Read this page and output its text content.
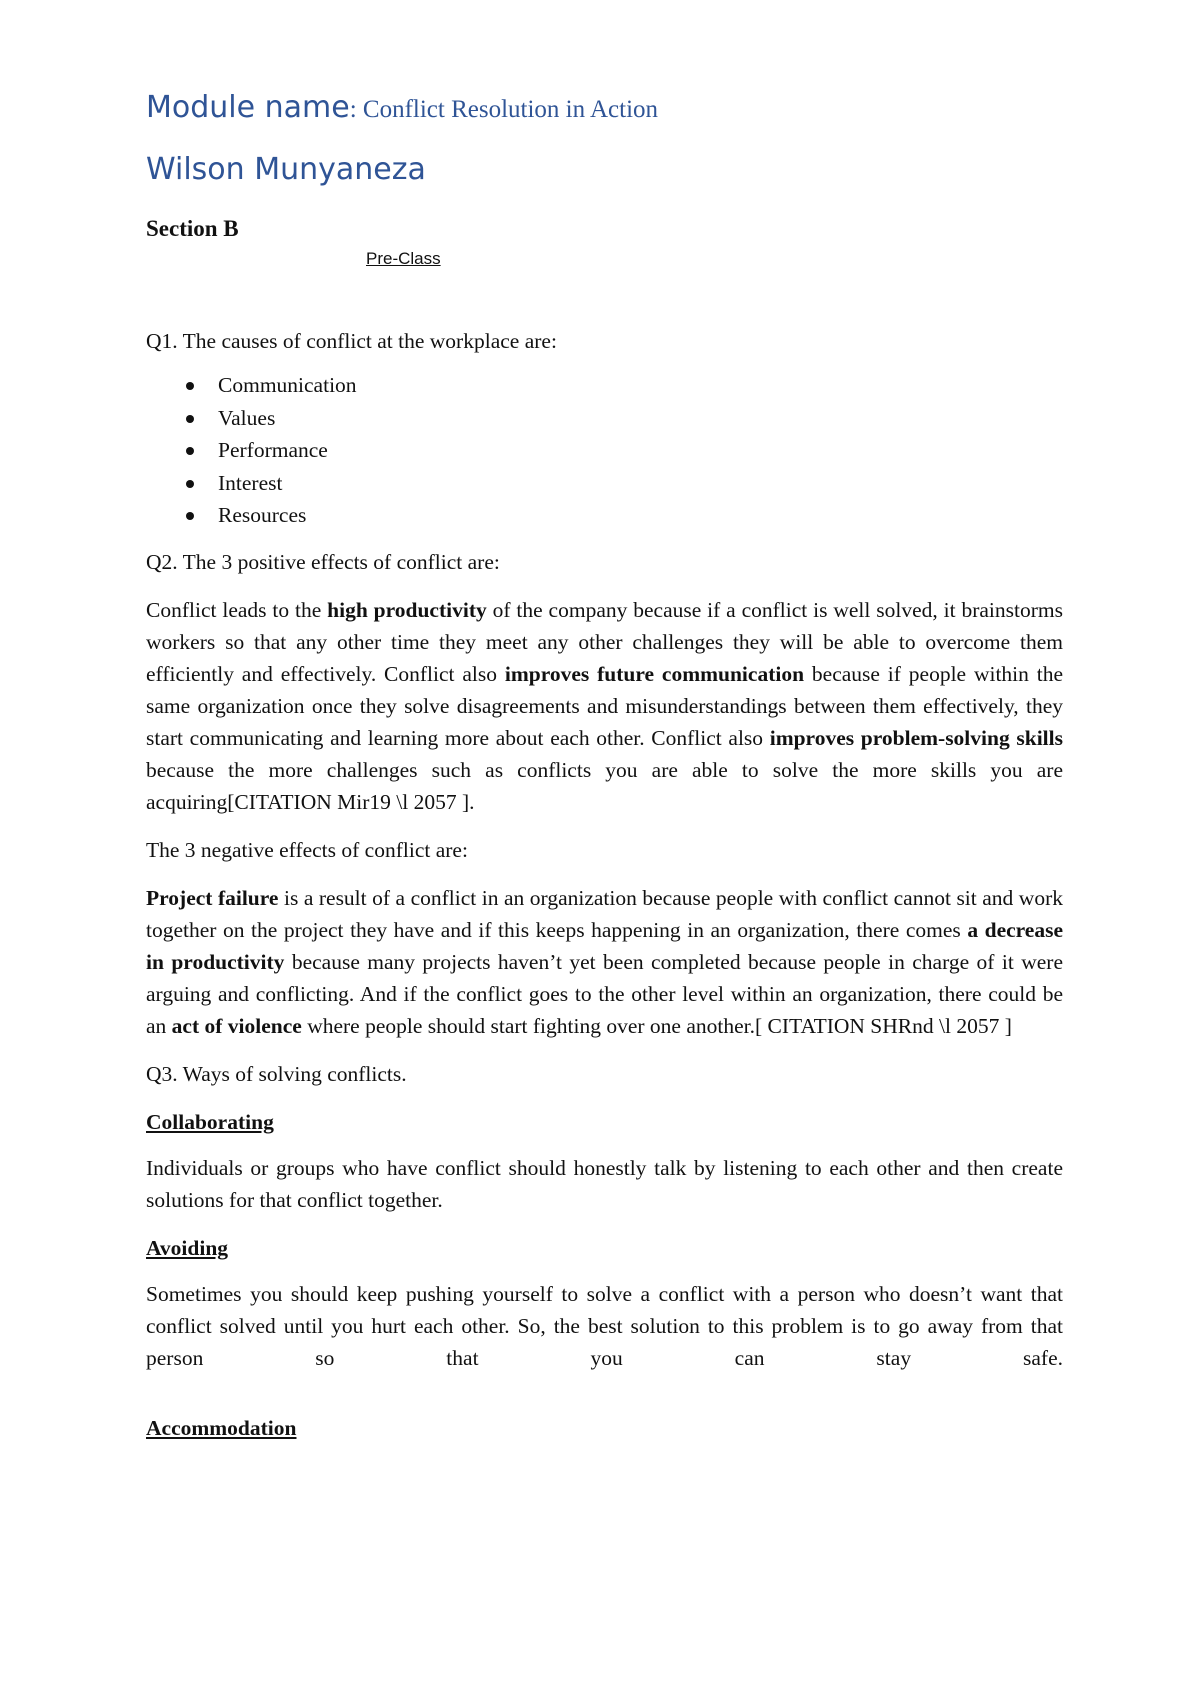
Module name: Conflict Resolution in Action
Wilson Munyaneza
Section B
Pre-Class

Q1. The causes of conflict at the workplace are:

Communication
Values
Performance
Interest
Resources

Q2. The 3 positive effects of conflict are:

Conflict leads to the high productivity of the company because if a conflict is well solved, it brainstorms workers so that any other time they meet any other challenges they will be able to overcome them efficiently and effectively. Conflict also improves future communication because if people within the same organization once they solve disagreements and misunderstandings between them effectively, they start communicating and learning more about each other. Conflict also improves problem-solving skills because the more challenges such as conflicts you are able to solve the more skills you are acquiring[CITATION Mir19 \l 2057 ].

The 3 negative effects of conflict are:

Project failure is a result of a conflict in an organization because people with conflict cannot sit and work together on the project they have and if this keeps happening in an organization, there comes a decrease in productivity because many projects haven’t yet been completed because people in charge of it were arguing and conflicting. And if the conflict goes to the other level within an organization, there could be an act of violence where people should start fighting over one another.[ CITATION SHRnd \l 2057 ]

Q3. Ways of solving conflicts.

Collaborating

Individuals or groups who have conflict should honestly talk by listening to each other and then create solutions for that conflict together.

Avoiding

Sometimes you should keep pushing yourself to solve a conflict with a person who doesn’t want that conflict solved until you hurt each other. So, the best solution to this problem is to go away from that person so that you can stay safe.

Accommodation
